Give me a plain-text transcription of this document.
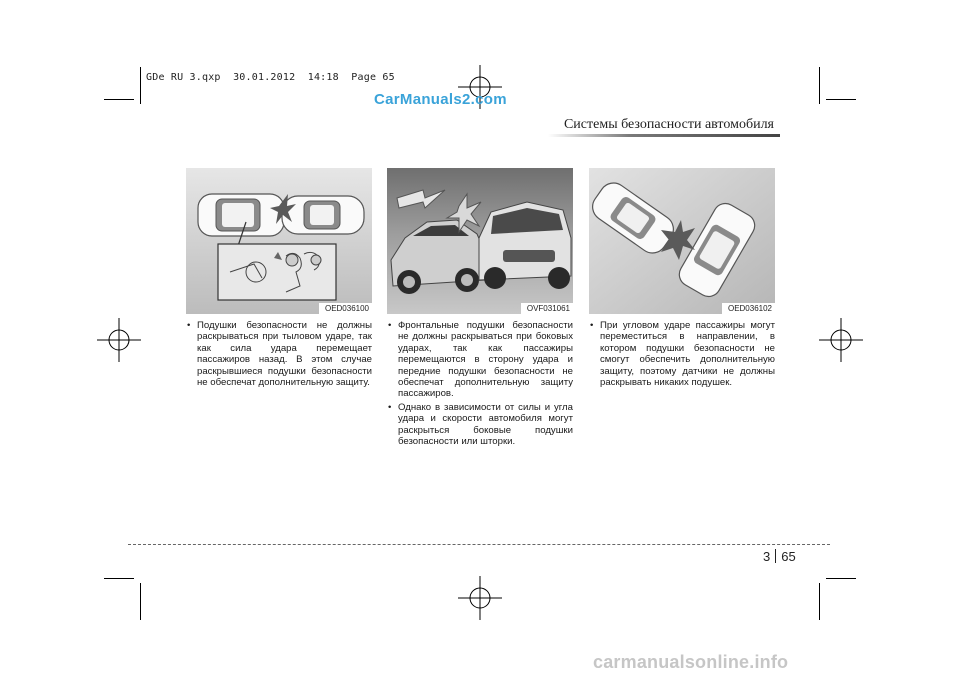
GDe RU 3.qxp  30.01.2012  14:18  Page 65
CarManuals2.com
Системы безопасности автомобиля
OED036100	OVF031061	OED036102
• Подушки безопасности не должны раскрываться при тыловом ударе, так как сила удара перемещает пассажиров назад. В этом случае раскрывшиеся подушки безопасности не обеспечат дополнительную защиту.
• Фронтальные подушки безопасности не должны раскрываться при боковых ударах, так как пассажиры перемещаются в сторону удара и передние подушки безопасности не обеспечат дополнительную защиту пассажиров.
• Однако в зависимости от силы и угла удара и скорости автомобиля могут раскрыться боковые подушки безопасности или шторки.
• При угловом ударе пассажиры могут переместиться в направлении, в котором подушки безопасности не смогут обеспечить дополнительную защиту, поэтому датчики не должны раскрывать никаких подушек.
3 65
carmanualsonline.info
